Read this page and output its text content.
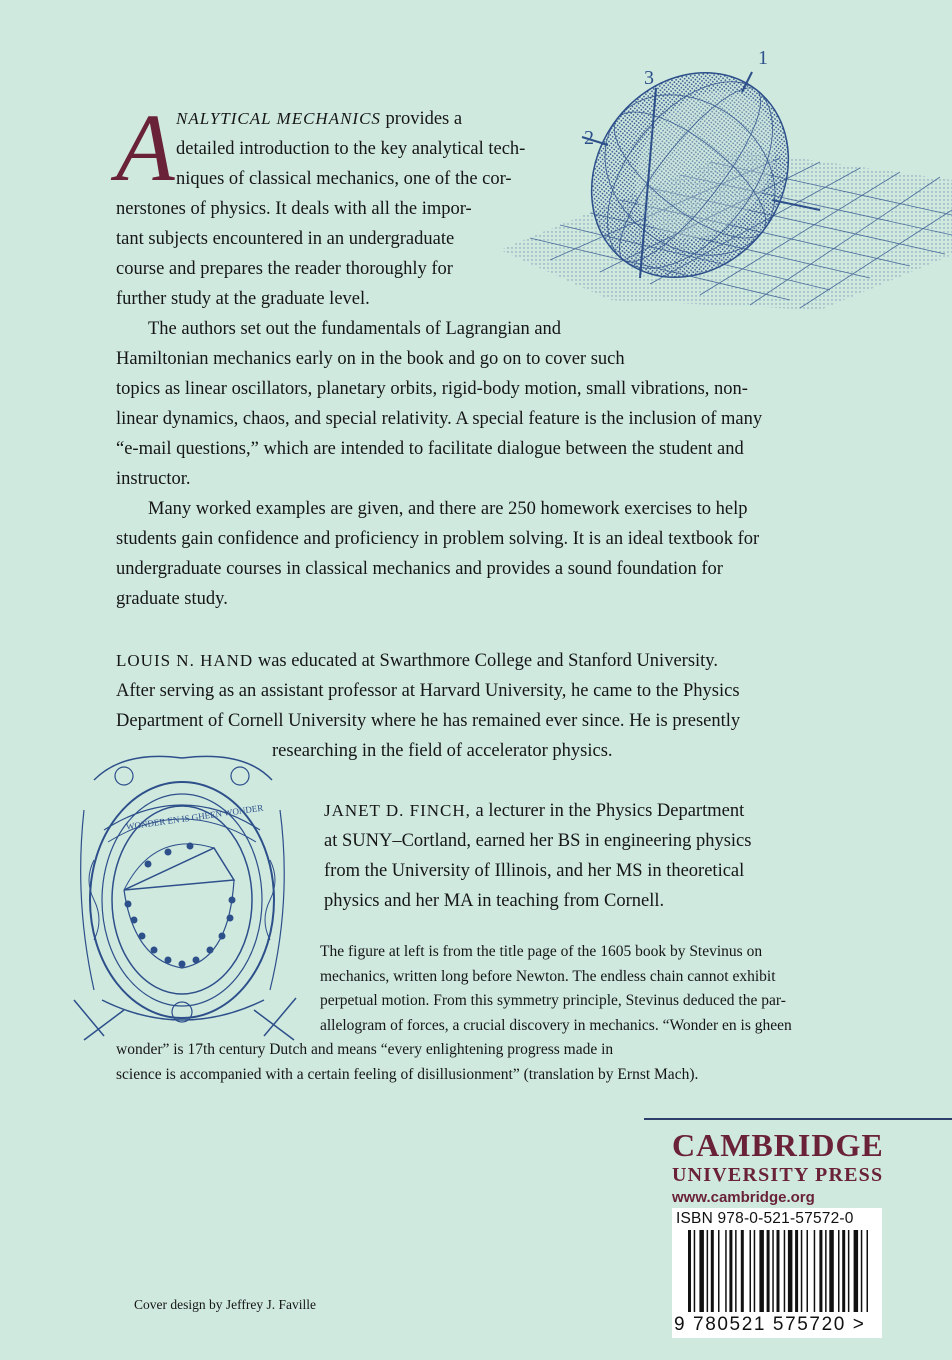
1
2
3
A NALYTICAL MECHANICS provides a
detailed introduction to the key analytical tech-
niques of classical mechanics, one of the cor-
nerstones of physics. It deals with all the impor-
tant subjects encountered in an undergraduate
course and prepares the reader thoroughly for
further study at the graduate level.
The authors set out the fundamentals of Lagrangian and
Hamiltonian mechanics early on in the book and go on to cover such
topics as linear oscillators, planetary orbits, rigid-body motion, small vibrations, non-
linear dynamics, chaos, and special relativity. A special feature is the inclusion of many
“e-mail questions,” which are intended to facilitate dialogue between the student and
instructor.
Many worked examples are given, and there are 250 homework exercises to help
students gain confidence and proficiency in problem solving. It is an ideal textbook for
undergraduate courses in classical mechanics and provides a sound foundation for
graduate study.
LOUIS N. HAND was educated at Swarthmore College and Stanford University.
After serving as an assistant professor at Harvard University, he came to the Physics
Department of Cornell University where he has remained ever since. He is presently
researching in the field of accelerator physics.
WONDER EN IS GHEEN WONDER	JANET D. FINCH, a lecturer in the Physics Department
at SUNY–Cortland, earned her BS in engineering physics
from the University of Illinois, and her MS in theoretical
physics and her MA in teaching from Cornell.
The figure at left is from the title page of the 1605 book by Stevinus on
mechanics, written long before Newton. The endless chain cannot exhibit
perpetual motion. From this symmetry principle, Stevinus deduced the par-
allelogram of forces, a crucial discovery in mechanics. “Wonder en is gheen
wonder” is 17th century Dutch and means “every enlightening progress made in
science is accompanied with a certain feeling of disillusionment” (translation by Ernst Mach).
CAMBRIDGE
UNIVERSITY PRESS
www.cambridge.org
ISBN 978-0-521-57572-0
9 780521 575720 >
Cover design by Jeffrey J. Faville
